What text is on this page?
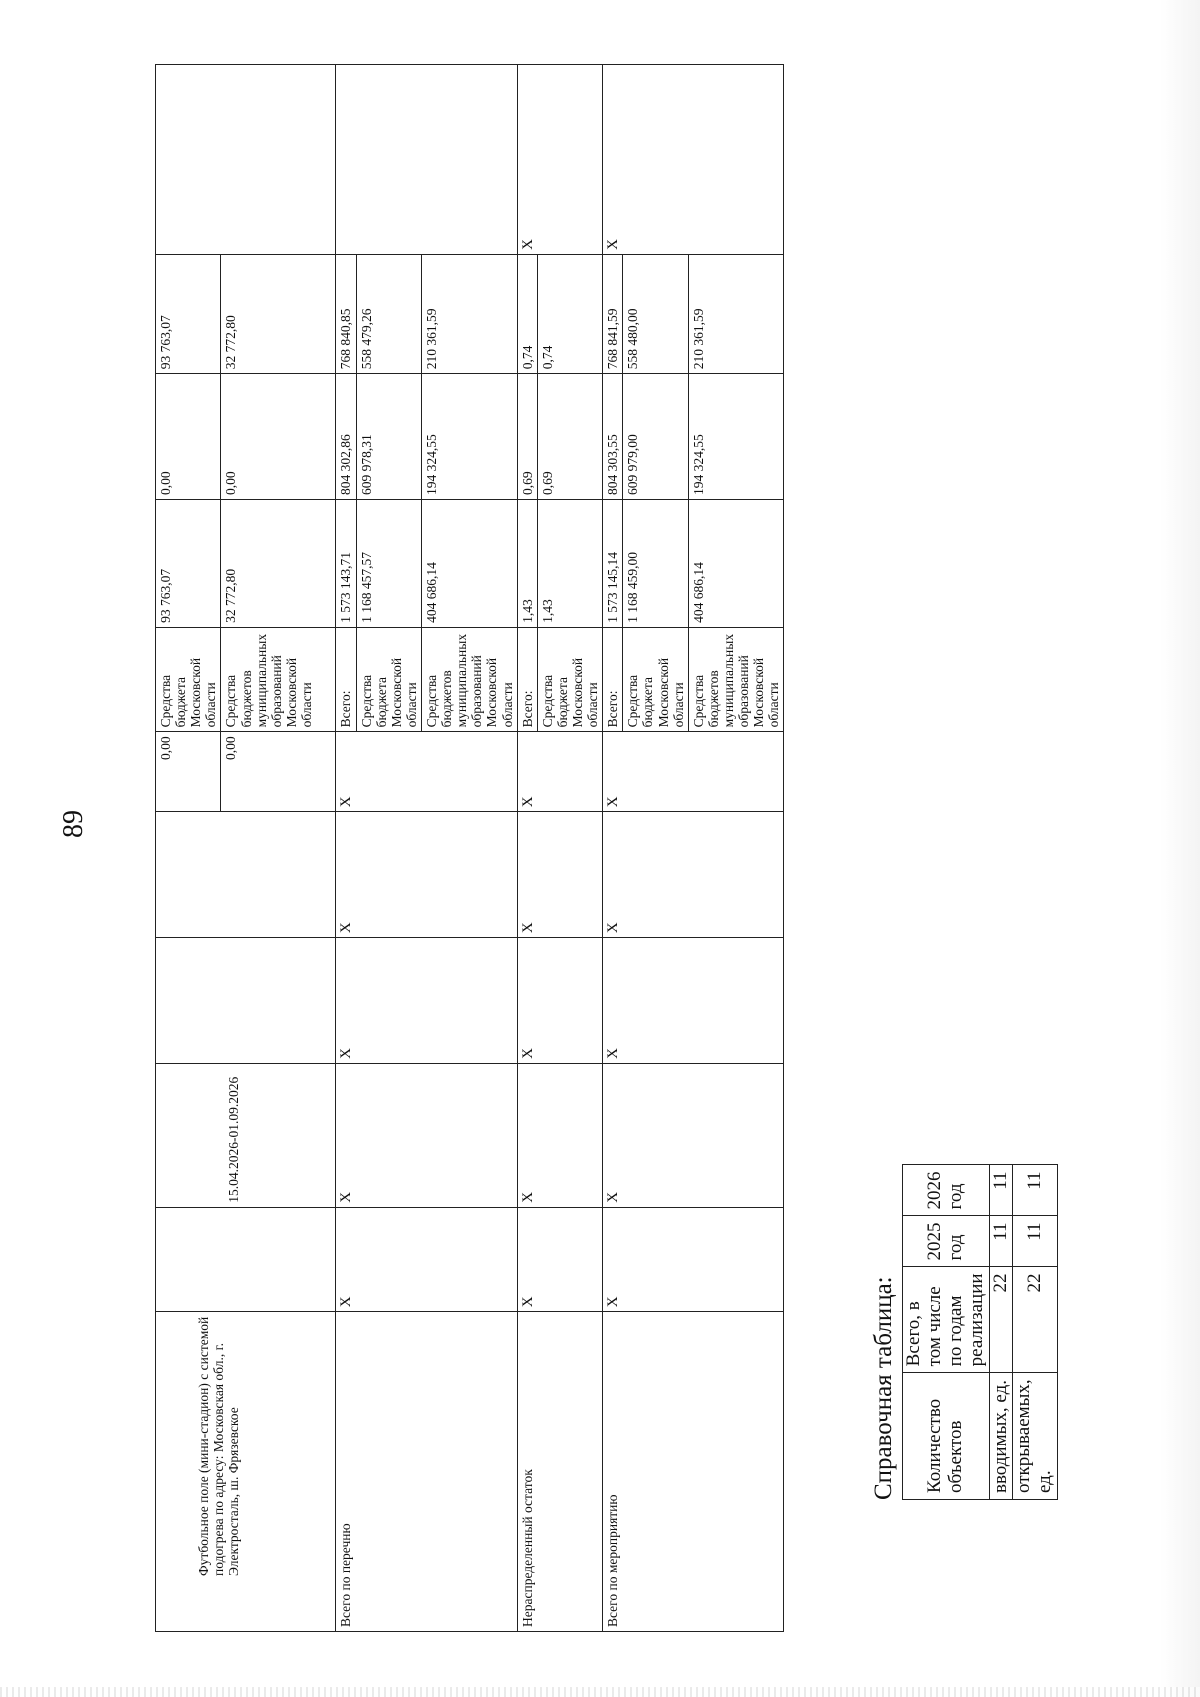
89
Футбольное поле (мини-стадион) с системой подогрева по адресу: Московская обл., г. Электросталь, ш. Фрязевское		15.04.2026-01.09.2026			0,00	Средства бюджета Московской области	93 763,07	0,00	93 763,07	
					0,00	Средства бюджетов муниципальных образований Московской области	32 772,80	0,00	32 772,80	
Всего по перечню	X	X	X	X	X	Всего:	1 573 143,71	804 302,86	768 840,85	
						Средства бюджета Московской области	1 168 457,57	609 978,31	558 479,26	
						Средства бюджетов муниципальных образований Московской области	404 686,14	194 324,55	210 361,59	
Нераспределенный остаток	X	X	X	X	X	Всего:	1,43	0,69	0,74	X
						Средства бюджета Московской области	1,43	0,69	0,74	
Всего по мероприятию	X	X	X	X	X	Всего:	1 573 145,14	804 303,55	768 841,59	X
						Средства бюджета Московской области	1 168 459,00	609 979,00	558 480,00	
						Средства бюджетов муниципальных образований Московской области	404 686,14	194 324,55	210 361,59	
Справочная таблица: Количество объектов	Всего, в том числе по годам реализации	2025 год	2026 год
вводимых, ед.	22	11	11
открываемых, ед.	22	11	11
